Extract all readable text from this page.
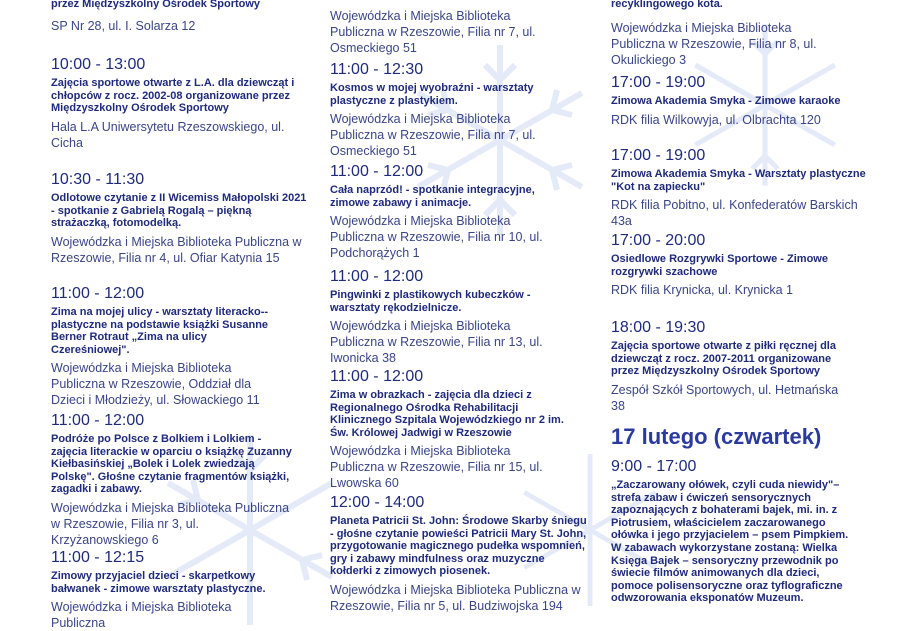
przez Międzyszkolny Ośrodek Sportowy
SP Nr 28, ul. I. Solarza 12
10:00 - 13:00
Zajęcia sportowe otwarte z L.A. dla dziewcząt i chłopców z rocz. 2002-08 organizowane przez Międzyszkolny Ośrodek Sportowy
Hala L.A Uniwersytetu Rzeszowskiego, ul. Cicha
10:30 - 11:30
Odlotowe czytanie z II Wicemiss Małopolski 2021 - spotkanie z Gabrielą Rogalą – piękną strażaczką, fotomodelką.
Wojewódzka i Miejska Biblioteka Publiczna w Rzeszowie, Filia nr 4, ul. Ofiar Katynia 15
11:00 - 12:00
Zima na mojej ulicy - warsztaty literacko--plastyczne na podstawie książki Susanne Berner Rotraut „Zima na ulicy Czereśniowej".
Wojewódzka i Miejska Biblioteka Publiczna w Rzeszowie, Oddział dla Dzieci i Młodzieży, ul. Słowackiego 11
11:00 - 12:00
Podróże po Polsce z Bolkiem i Lolkiem - zajęcia literackie w oparciu o książkę Zuzanny Kiełbasińskiej „Bolek i Lolek zwiedzają Polskę". Głośne czytanie fragmentów książki, zagadki i zabawy.
Wojewódzka i Miejska Biblioteka Publiczna w Rzeszowie, Filia nr 3, ul. Krzyżanowskiego 6
11:00 - 12:15
Zimowy przyjaciel dzieci - skarpetkowy bałwanek - zimowe warsztaty plastyczne.
Wojewódzka i Miejska Biblioteka Publiczna
Wojewódzka i Miejska Biblioteka Publiczna w Rzeszowie, Filia nr 7, ul. Osmeckiego 51
11:00 - 12:30
Kosmos w mojej wyobraźni - warsztaty plastyczne z plastykiem.
Wojewódzka i Miejska Biblioteka Publiczna w Rzeszowie, Filia nr 7, ul. Osmeckiego 51
11:00 - 12:00
Cała naprzód! - spotkanie integracyjne, zimowe zabawy i animacje.
Wojewódzka i Miejska Biblioteka Publiczna w Rzeszowie, Filia nr 10, ul. Podchorążych 1
11:00 - 12:00
Pingwinki z plastikowych kubeczków - warsztaty rękodzielnicze.
Wojewódzka i Miejska Biblioteka Publiczna w Rzeszowie, Filia nr 13, ul. Iwonicka 38
11:00 - 12:00
Zima w obrazkach - zajęcia dla dzieci z Regionalnego Ośrodka Rehabilitacji Klinicznego Szpitala Wojewódzkiego nr 2 im. Św. Królowej Jadwigi w Rzeszowie
Wojewódzka i Miejska Biblioteka Publiczna w Rzeszowie, Filia nr 15, ul. Lwowska 60
12:00 - 14:00
Planeta Patricii St. John: Środowe Skarby śniegu - głośne czytanie powieści Patricii Mary St. John, przygotowanie magicznego pudełka wspomnień, gry i zabawy mindfulness oraz muzyczne kołderki z zimowych piosenek.
Wojewódzka i Miejska Biblioteka Publiczna w Rzeszowie, Filia nr 5, ul. Budziwojska 194
recyklingowego kota.
Wojewódzka i Miejska Biblioteka Publiczna w Rzeszowie, Filia nr 8, ul. Okulickiego 3
17:00 - 19:00
Zimowa Akademia Smyka - Zimowe karaoke
RDK filia Wilkowyja, ul. Olbrachta 120
17:00 - 19:00
Zimowa Akademia Smyka - Warsztaty plastyczne "Kot na zapiecku"
RDK filia Pobitno, ul. Konfederatów Barskich 43a
17:00 - 20:00
Osiedlowe Rozgrywki Sportowe - Zimowe rozgrywki szachowe
RDK filia Krynicka, ul. Krynicka 1
18:00 - 19:30
Zajęcia sportowe otwarte z piłki ręcznej dla dziewcząt z rocz. 2007-2011 organizowane przez Międzyszkolny Ośrodek Sportowy
Zespół Szkół Sportowych, ul. Hetmańska 38
17 lutego (czwartek)
9:00 - 17:00
„Zaczarowany ołówek, czyli cuda niewidy"– strefa zabaw i ćwiczeń sensorycznych zapoznających z bohaterami bajek, mi. in. z Piotrusiem, właścicielem zaczarowanego ołówka i jego przyjacielem – psem Pimpkiem. W zabawach wykorzystane zostaną: Wielka Księga Bajek – sensoryczny przewodnik po świecie filmów animowanych dla dzieci, pomoce polisensoryczne oraz tyflograficzne odwzorowania eksponatów Muzeum.
